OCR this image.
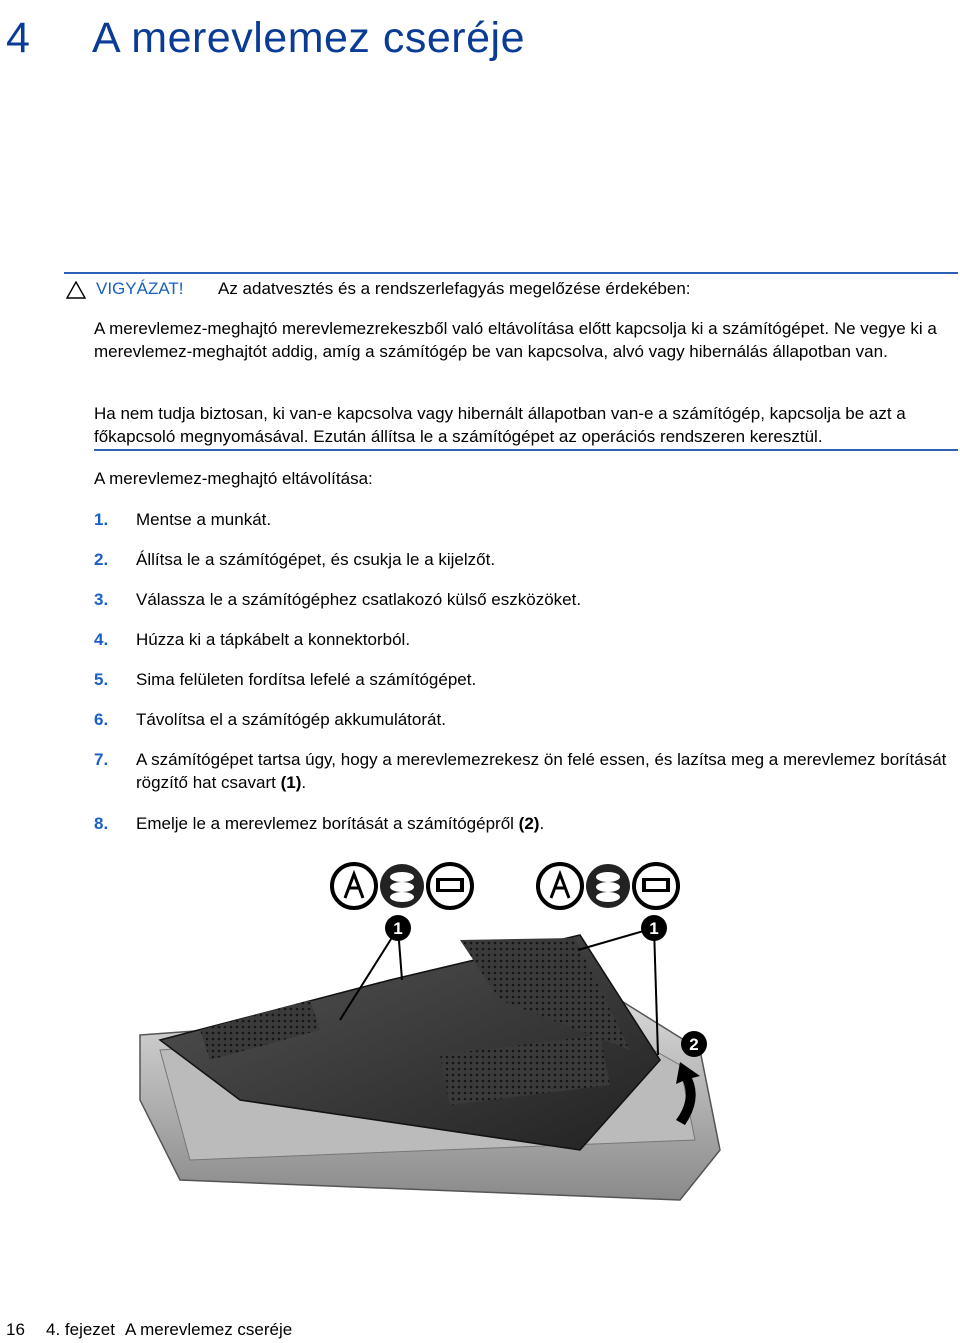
4 A merevlemez cseréje
VIGYÁZAT! Az adatvesztés és a rendszerlefagyás megelőzése érdekében:

A merevlemez-meghajtó merevlemezrekeszből való eltávolítása előtt kapcsolja ki a számítógépet. Ne vegye ki a merevlemez-meghajtót addig, amíg a számítógép be van kapcsolva, alvó vagy hibernálás állapotban van.

Ha nem tudja biztosan, ki van-e kapcsolva vagy hibernált állapotban van-e a számítógép, kapcsolja be azt a főkapcsoló megnyomásával. Ezután állítsa le a számítógépet az operációs rendszeren keresztül.

A merevlemez-meghajtó eltávolítása:

1. Mentse a munkát.
2. Állítsa le a számítógépet, és csukja le a kijelzőt.
3. Válassza le a számítógéphez csatlakozó külső eszközöket.
4. Húzza ki a tápkábelt a konnektorból.
5. Sima felületen fordítsa lefelé a számítógépet.
6. Távolítsa el a számítógép akkumulátorát.
7. A számítógépet tartsa úgy, hogy a merevlemezrekesz ön felé essen, és lazítsa meg a merevlemez borítását rögzítő hat csavart (1).
8. Emelje le a merevlemez borítását a számítógépről (2).
1	1
2
16 4. fejezet A merevlemez cseréje
